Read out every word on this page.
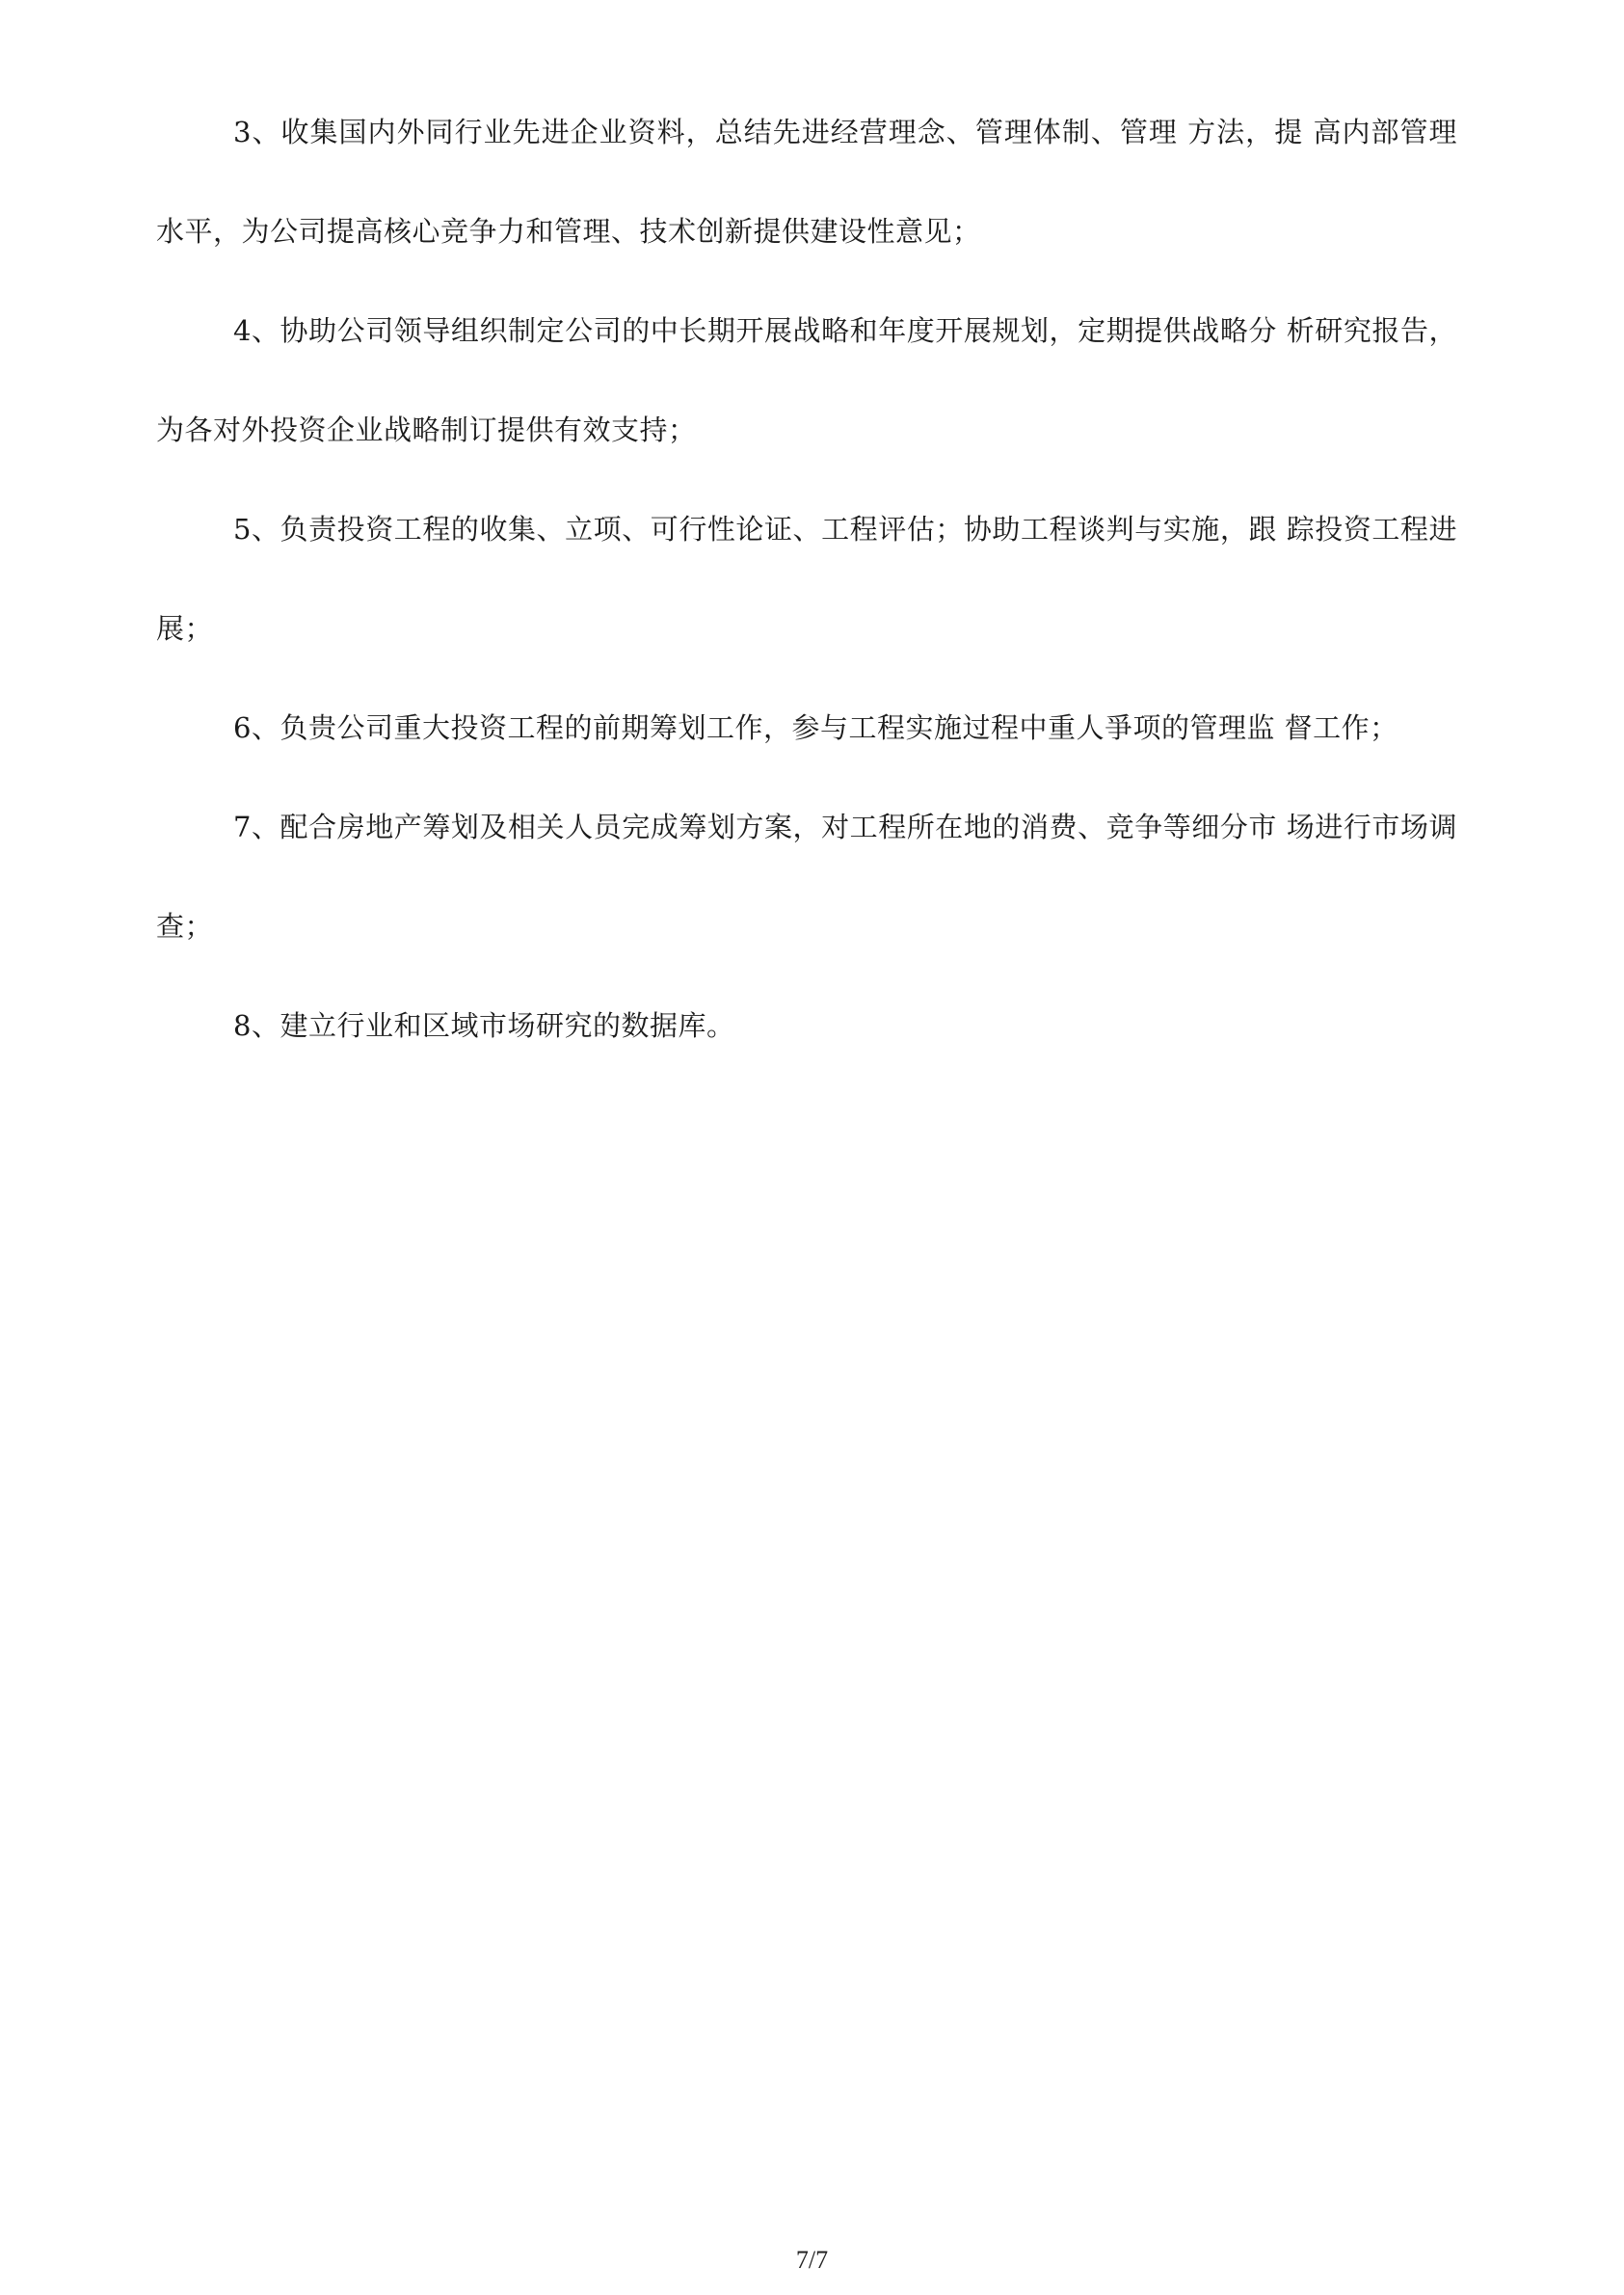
3、收集国内外同行业先进企业资料，总结先进经营理念、管理体制、管理 方法，提 高内部管理水平，为公司提高核心竞争力和管理、技术创新提供建设性意见；

4、协助公司领导组织制定公司的中长期开展战略和年度开展规划，定期提供战略分 析研究报告，为各对外投资企业战略制订提供有效支持；

5、负责投资工程的收集、立项、可行性论证、工程评估；协助工程谈判与实施，跟 踪投资工程进展；

6、负贵公司重大投资工程的前期筹划工作，参与工程实施过程中重人爭项的管理监 督工作；

7、配合房地产筹划及相关人员完成筹划方案，对工程所在地的消费、竞争等细分市 场进行市场调查；

8、建立行业和区域市场研究的数据库。

7/7
